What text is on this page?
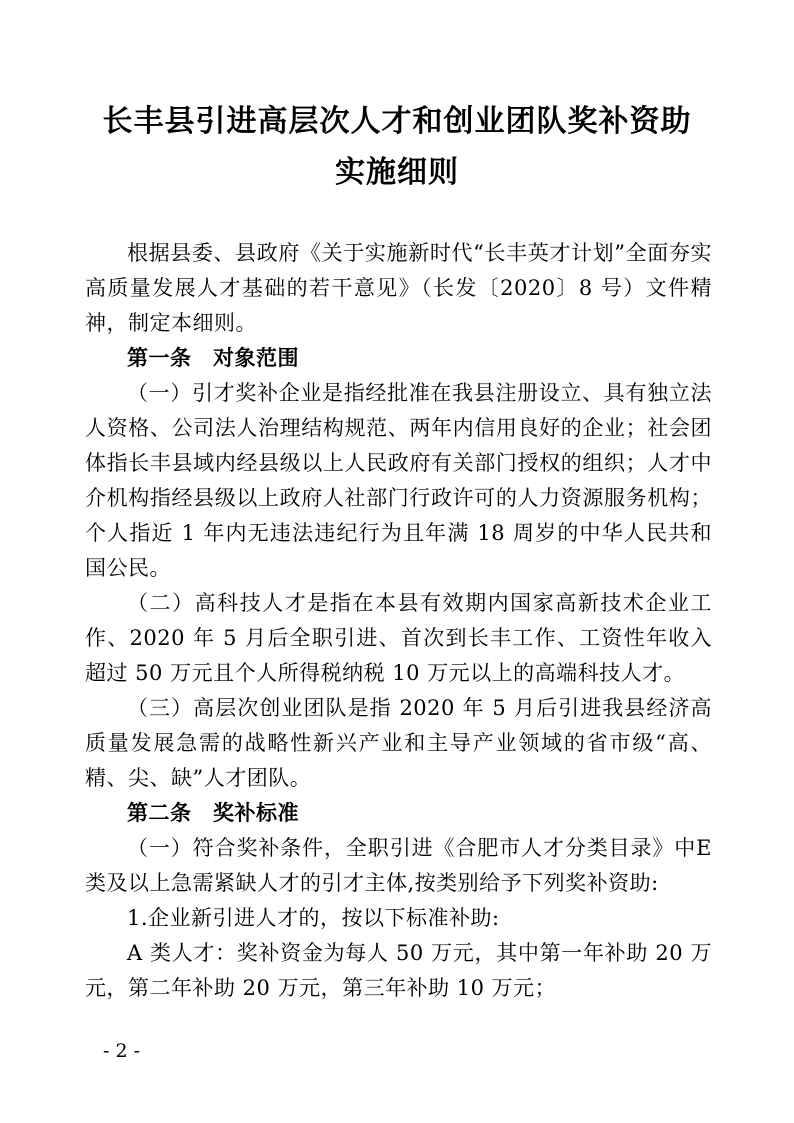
长丰县引进高层次人才和创业团队奖补资助
实施细则

根据县委、县政府《关于实施新时代“长丰英才计划”全面夯实高质量发展人才基础的若干意见》（长发〔2020〕8 号）文件精神，制定本细则。

第一条　对象范围

（一）引才奖补企业是指经批准在我县注册设立、具有独立法人资格、公司法人治理结构规范、两年内信用良好的企业；社会团体指长丰县域内经县级以上人民政府有关部门授权的组织；人才中介机构指经县级以上政府人社部门行政许可的人力资源服务机构；个人指近 1 年内无违法违纪行为且年满 18 周岁的中华人民共和国公民。

（二）高科技人才是指在本县有效期内国家高新技术企业工作、2020 年 5 月后全职引进、首次到长丰工作、工资性年收入超过 50 万元且个人所得税纳税 10 万元以上的高端科技人才。

（三）高层次创业团队是指 2020 年 5 月后引进我县经济高质量发展急需的战略性新兴产业和主导产业领域的省市级“高、精、尖、缺”人才团队。

第二条　奖补标准

（一）符合奖补条件，全职引进《合肥市人才分类目录》中E类及以上急需紧缺人才的引才主体,按类别给予下列奖补资助:

1.企业新引进人才的，按以下标准补助:

A 类人才：奖补资金为每人 50 万元，其中第一年补助 20 万元，第二年补助 20 万元，第三年补助 10 万元；

- 2 -
